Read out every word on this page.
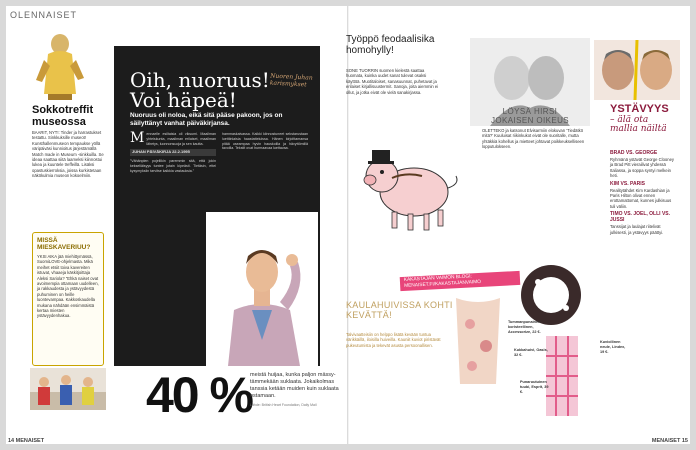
OLENNAISET
Sokkotreffit museossa
BAARIT, NYT!: Tinder ja harrastukset testattu. Sinkkuksille museot! Kunsthallenmuseon tempaukse yöllä väripäiväsi kunnioitus järjestämällä Match made in Museum -sinkkuilla. Se ideaa saattaa siitä laameksi kiinnostui lukea ja kuuntele treffeillä. Lisäksi opastuskierroksia, joissa kurkistetaan näkökulmia museon kokoelmiin.
MISSÄ MIESKAVERIUU?
YKSI AIKA jää miehittymässä, SuomiLOVE-ohjelmasta. Mikä meihet etsiit toiva kavereiten istuvat, vhaaeja käskitjoittaja Aleksi Sariola? ”Ehkä naiset ovat avoimempia ottamaan uudelleen, ja rakkaudesta ja ystävyydestä puhuminen on heille luontevampaa. Kakkoskaudella mukana nähdään ensimmäistä kertaa miesten ystävyydenhakua.
Oih, nuoruus! Voi häpeä!
Nuoren Juhan karismykset
Nuoruus oli noloa, eikä sitä pääse pakoon, jos on säilyttänyt vanhat päiväkirjansa.
M ennaelle esiltaisia oli viksumi. Maailman yhteiskunta, maailman erilaiset, maailman lähetys, luonnonsuoja ja sen kautta.
JUHAN PÄIVÄKIRJA 22.2.1995
”Vähänpien pojellikin paremmin sitä, että jokin kekseliäisyys tuntee jotain kipeästi. Tietäsin, ettei kysymyksiin tarvitse kaikkia vastauksia.”
hammaskaivassa. Kaikki kiinnostuneet sekstarustaan luettiinlaisia haastatteluissa. Hänen kirjoittamansa pitää useampaa hyvin hauskoilla ja hävyttömillä tavoilla. Tekstit ovat hurmaavaa luettavaa.
40 %
meistä huijaa, kunka paljon mässytämmekään suklaata. Jokaikolmas tanssia ketään muiden kuin suklaata ostamaan.
Lähde: British Heart Foundation, Daily Mail
14 MENAISET
Työppö feodaalisika homohylly!
SONE TUORRIN suomen kielestä saattaa huomata, kuinka uudet sanat tulevat osaksi käyttöä. Muotitaloiset, sanasuunnat, puhetavat ja erilaiset kirjallisuustermit. Sanoja, joita aiemmin ei ollut, ja jotka eivät ole vielä sanakirjassa.
LÖYSÄ HIRSI JOKAISEN OIKEUS
OLETTEKO ja katsonut Elvisarmiin elokuvan ’Tiedätkö mitä?’ Kuuluisat riikinkukot eivät ole suoritalle, mutta yhtäkkiä kohellus ja mietteet johtavat poikkeukselliseen lopputulokseen.
YSTÄVYYS
– älä ota mallia näiltä
BRAD VS. GEORGE
Ryhmänä ystävät George Clooney ja Brad Pitt vierailivat yhdessä Italiassa, ja soppa syntyi melkein heti.
KIM VS. PARIS
Realitytähdet Kim Kardashian ja Paris Hilton olivat ennen erottamattomat, kunnes julkisuus tuli väliin.
TIMO VS. JOEL, OLLI VS. JUSSI
Tanssijat ja laulajat riitelivät julkisesti, ja ystävyys päättyi.
KAKASTAJAN VAIMON BLOGI: MENAISET.FI/KAKASTAJANVAIMO
KAULAHUIVISSA KOHTI KEVÄTTÄ!
Talvivaatteisiin on helppo lisätä kevään tuntua värikkäillä, iloisilla huiveilla. Kauniit kuviot piristävät pukeutumista ja tekevät asusta persoonallisen.
Tummanpunainen koristeellinen, Accessorize, 22 €.
Kukkahuivi, Oasis, 32 €.
Punaruutuinen tuubi, Esprit, 39 €.
Kuviollinen neule, Lindex, 19 €.
MENAISET 15
